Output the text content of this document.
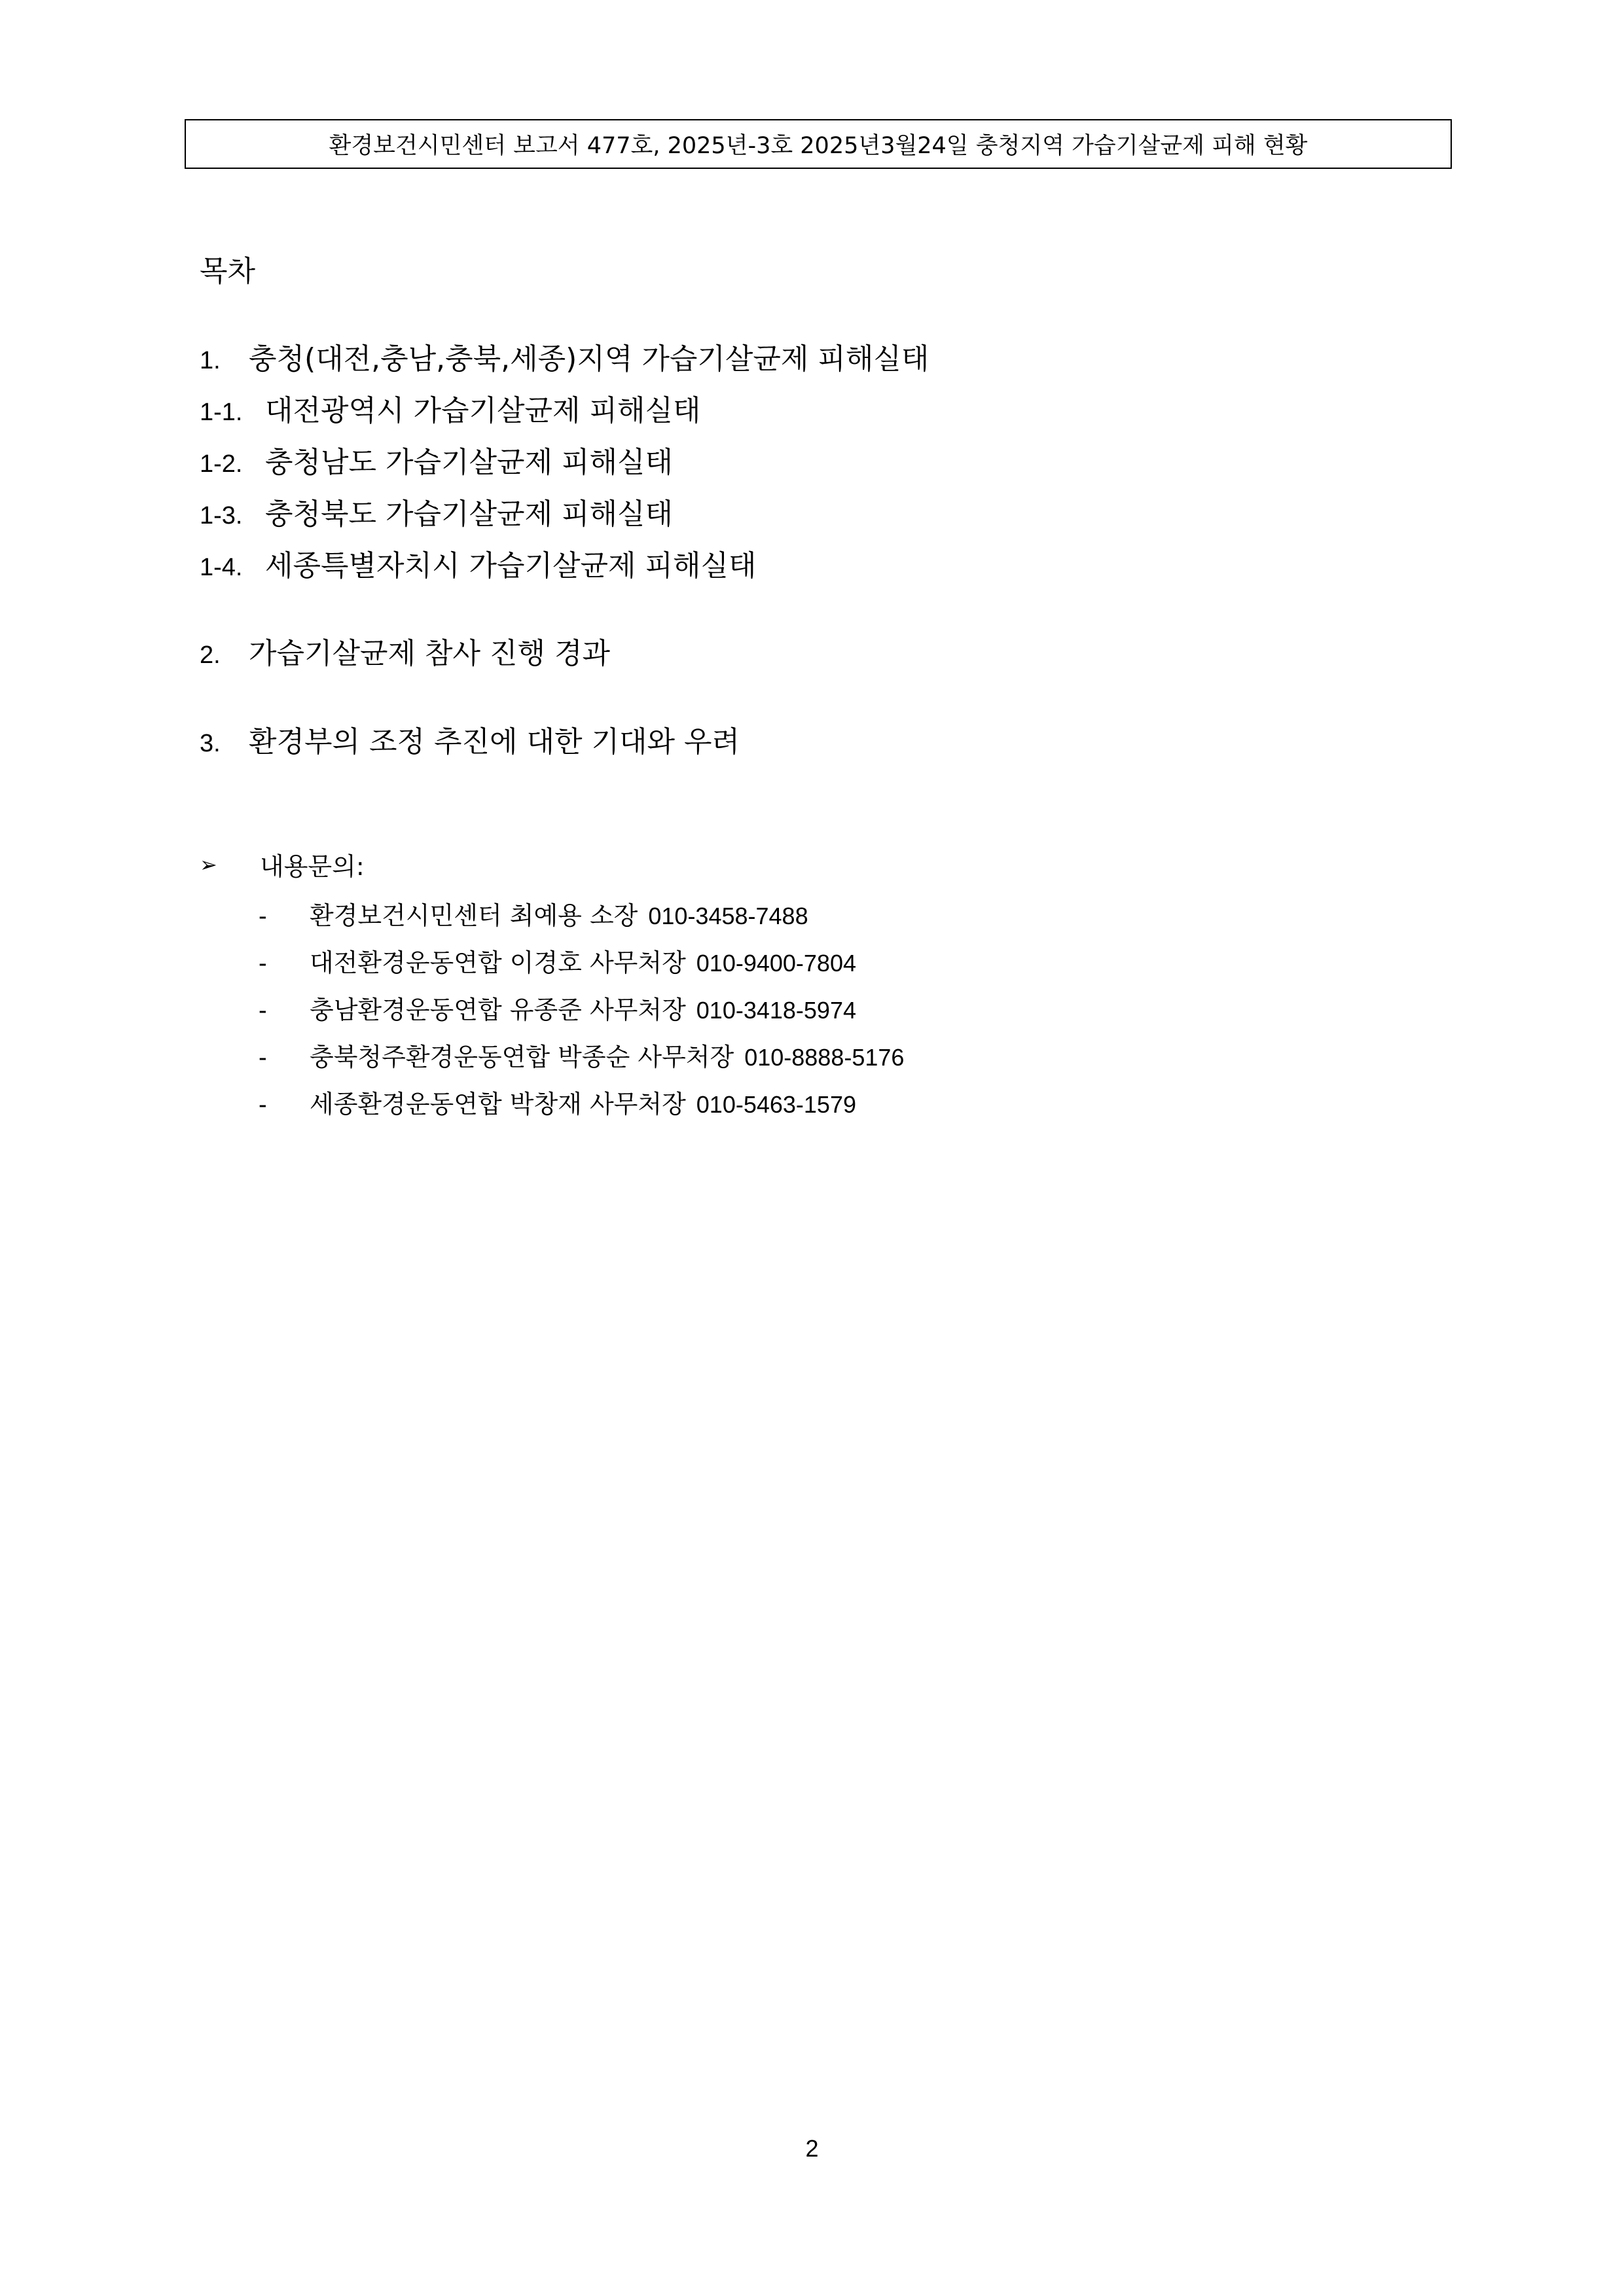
환경보건시민센터 보고서 477호, 2025년-3호 2025년3월24일 충청지역 가습기살균제 피해 현황
목차
1. 충청(대전,충남,충북,세종)지역 가습기살균제 피해실태
1-1. 대전광역시 가습기살균제 피해실태
1-2. 충청남도 가습기살균제 피해실태
1-3. 충청북도 가습기살균제 피해실태
1-4. 세종특별자치시 가습기살균제 피해실태
2. 가습기살균제 참사 진행 경과
3. 환경부의 조정 추진에 대한 기대와 우려
➢	내용문의:
-	환경보건시민센터 최예용 소장 010-3458-7488
-	대전환경운동연합 이경호 사무처장 010-9400-7804
-	충남환경운동연합 유종준 사무처장 010-3418-5974
-	충북청주환경운동연합 박종순 사무처장 010-8888-5176
-	세종환경운동연합 박창재 사무처장 010-5463-1579
2
